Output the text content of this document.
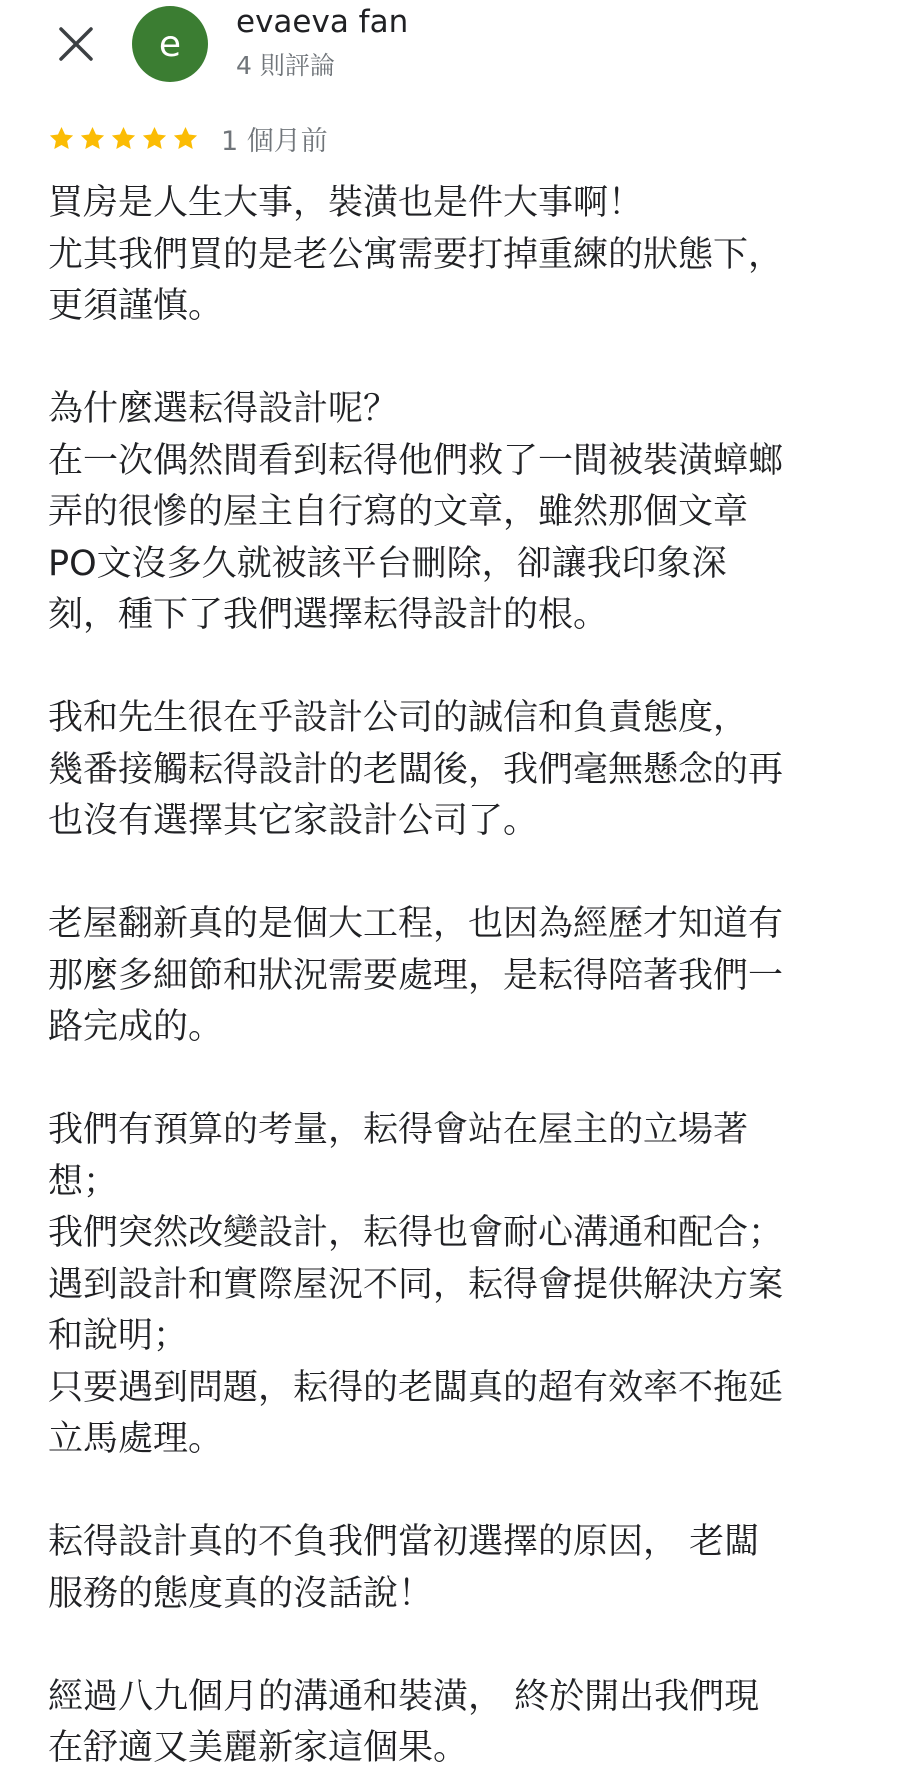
e
evaeva fan
4 則評論
1 個月前
買房是人生大事，裝潢也是件大事啊！
尤其我們買的是老公寓需要打掉重練的狀態下，
更須謹慎。
為什麼選耘得設計呢？
在一次偶然間看到耘得他們救了一間被裝潢蟑螂
弄的很慘的屋主自行寫的文章，雖然那個文章
PO文沒多久就被該平台刪除，卻讓我印象深
刻，種下了我們選擇耘得設計的根。
我和先生很在乎設計公司的誠信和負責態度，
幾番接觸耘得設計的老闆後，我們毫無懸念的再
也沒有選擇其它家設計公司了。
老屋翻新真的是個大工程，也因為經歷才知道有
那麼多細節和狀況需要處理，是耘得陪著我們一
路完成的。
我們有預算的考量，耘得會站在屋主的立場著
想；
我們突然改變設計，耘得也會耐心溝通和配合；
遇到設計和實際屋況不同，耘得會提供解決方案
和說明；
只要遇到問題，耘得的老闆真的超有效率不拖延
立馬處理。
耘得設計真的不負我們當初選擇的原因， 老闆
服務的態度真的沒話說！
經過八九個月的溝通和裝潢， 終於開出我們現
在舒適又美麗新家這個果。
